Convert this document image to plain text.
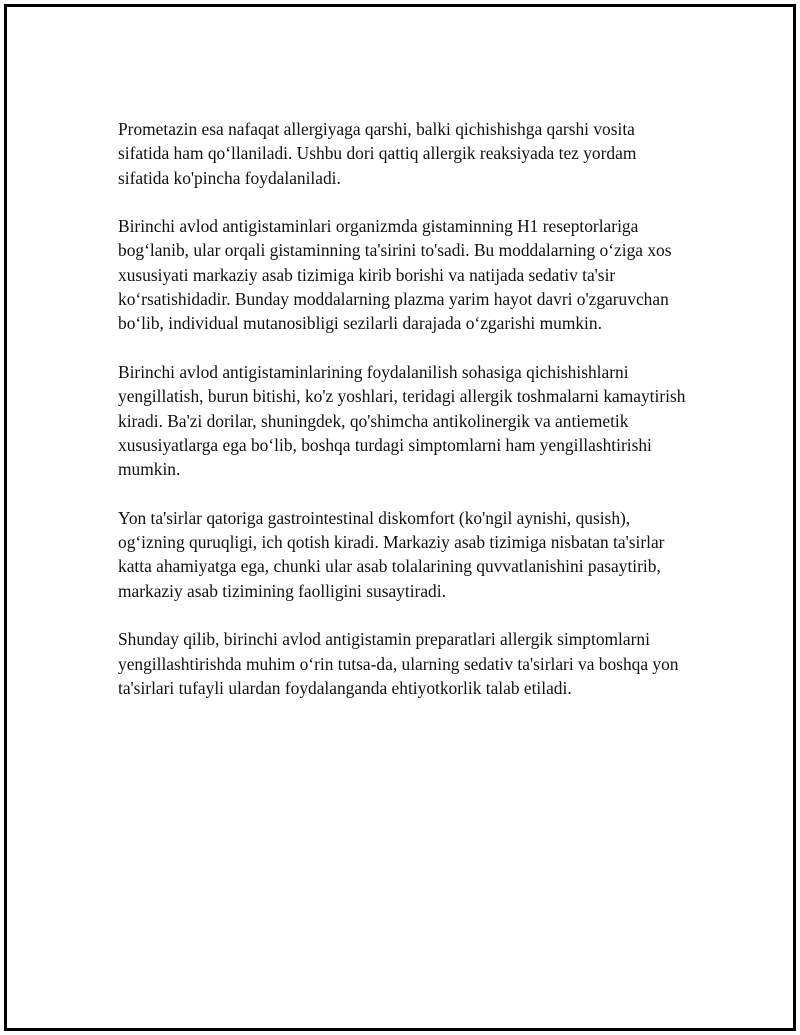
Prometazin esa nafaqat allergiyaga qarshi, balki qichishishga qarshi vosita sifatida ham qo‘llaniladi. Ushbu dori qattiq allergik reaksiyada tez yordam sifatida ko'pincha foydalaniladi.

Birinchi avlod antigistaminlari organizmda gistaminning H1 reseptorlariga bog‘lanib, ular orqali gistaminning ta'sirini to'sadi. Bu moddalarning o‘ziga xos xususiyati markaziy asab tizimiga kirib borishi va natijada sedativ ta'sir ko‘rsatishidadir. Bunday moddalarning plazma yarim hayot davri o'zgaruvchan bo‘lib, individual mutanosibligi sezilarli darajada o‘zgarishi mumkin.

Birinchi avlod antigistaminlarining foydalanilish sohasiga qichishishlarni yengillatish, burun bitishi, ko'z yoshlari, teridagi allergik toshmalarni kamaytirish kiradi. Ba'zi dorilar, shuningdek, qo'shimcha antikolinergik va antiemetik xususiyatlarga ega bo‘lib, boshqa turdagi simptomlarni ham yengillashtirishi mumkin.

Yon ta'sirlar qatoriga gastrointestinal diskomfort (ko'ngil aynishi, qusish), og‘izning quruqligi, ich qotish kiradi. Markaziy asab tizimiga nisbatan ta'sirlar katta ahamiyatga ega, chunki ular asab tolalarining quvvatlanishini pasaytirib, markaziy asab tizimining faolligini susaytiradi.

Shunday qilib, birinchi avlod antigistamin preparatlari allergik simptomlarni yengillashtirishda muhim o‘rin tutsa-da, ularning sedativ ta'sirlari va boshqa yon ta'sirlari tufayli ulardan foydalanganda ehtiyotkorlik talab etiladi.
